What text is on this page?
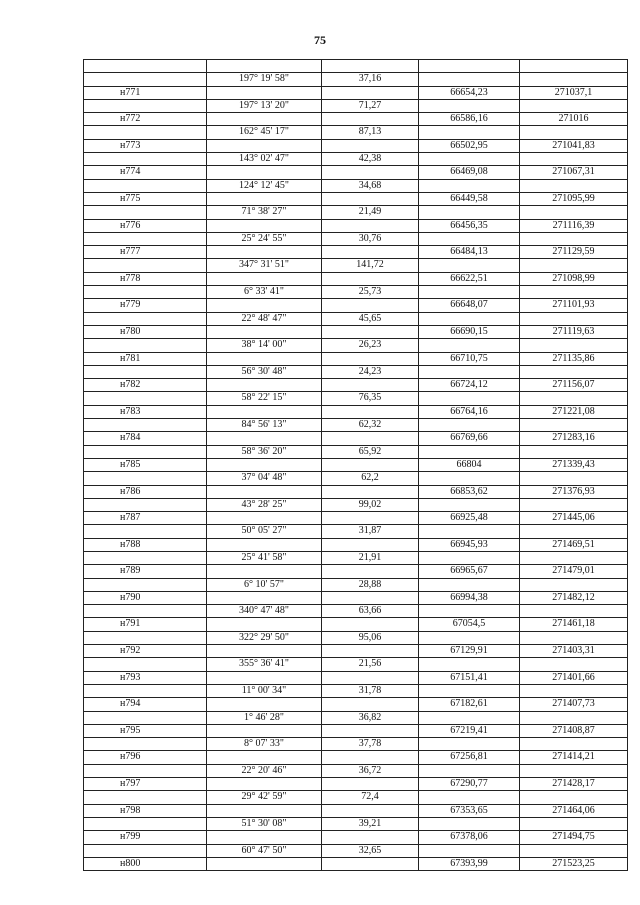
75

	197° 19' 58"	37,16		
н771			66654,23	271037,1
	197° 13' 20"	71,27		
н772			66586,16	271016
	162° 45' 17"	87,13		
н773			66502,95	271041,83
	143° 02' 47"	42,38		
н774			66469,08	271067,31
	124° 12' 45"	34,68		
н775			66449,58	271095,99
	71° 38' 27"	21,49		
н776			66456,35	271116,39
	25° 24' 55"	30,76		
н777			66484,13	271129,59
	347° 31' 51"	141,72		
н778			66622,51	271098,99
	6° 33' 41"	25,73		
н779			66648,07	271101,93
	22° 48' 47"	45,65		
н780			66690,15	271119,63
	38° 14' 00"	26,23		
н781			66710,75	271135,86
	56° 30' 48"	24,23		
н782			66724,12	271156,07
	58° 22' 15"	76,35		
н783			66764,16	271221,08
	84° 56' 13"	62,32		
н784			66769,66	271283,16
	58° 36' 20"	65,92		
н785			66804	271339,43
	37° 04' 48"	62,2		
н786			66853,62	271376,93
	43° 28' 25"	99,02		
н787			66925,48	271445,06
	50° 05' 27"	31,87		
н788			66945,93	271469,51
	25° 41' 58"	21,91		
н789			66965,67	271479,01
	6° 10' 57"	28,88		
н790			66994,38	271482,12
	340° 47' 48"	63,66		
н791			67054,5	271461,18
	322° 29' 50"	95,06		
н792			67129,91	271403,31
	355° 36' 41"	21,56		
н793			67151,41	271401,66
	11° 00' 34"	31,78		
н794			67182,61	271407,73
	1° 46' 28"	36,82		
н795			67219,41	271408,87
	8° 07' 33"	37,78		
н796			67256,81	271414,21
	22° 20' 46"	36,72		
н797			67290,77	271428,17
	29° 42' 59"	72,4		
н798			67353,65	271464,06
	51° 30' 08"	39,21		
н799			67378,06	271494,75
	60° 47' 50"	32,65		
н800			67393,99	271523,25
